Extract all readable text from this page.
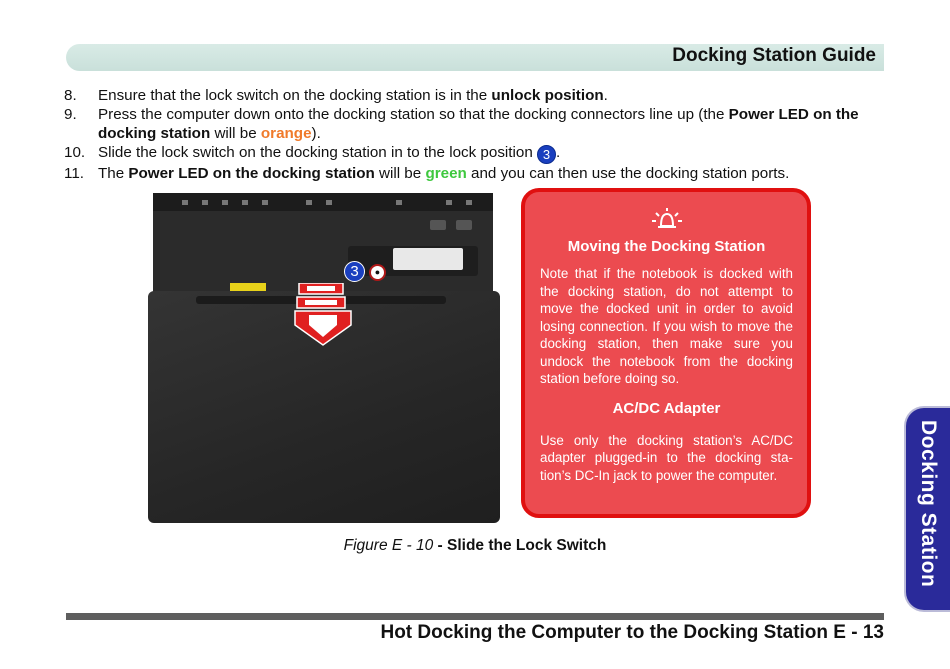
Docking Station Guide
8.	Ensure that the lock switch on the docking station is in the unlock position.
9.	Press the computer down onto the docking station so that the docking connectors line up (the Power LED on the docking station will be orange).
10. Slide the lock switch on the docking station in to the lock position 3 .
11. The Power LED on the docking station will be green and you can then use the docking station ports.
3	●
Moving the Docking Station
Note that if the notebook is docked with the docking station, do not attempt to move the docked unit in order to avoid losing connection. If you wish to move the docking station, then make sure you undock the notebook from the docking station before doing so.
AC/DC Adapter
Use only the docking station’s AC/DC adapter plugged-in to the docking sta-tion’s DC-In jack to power the computer.
Figure E - 10 - Slide the Lock Switch
Hot Docking the Computer to the Docking Station E - 13
Docking Station
